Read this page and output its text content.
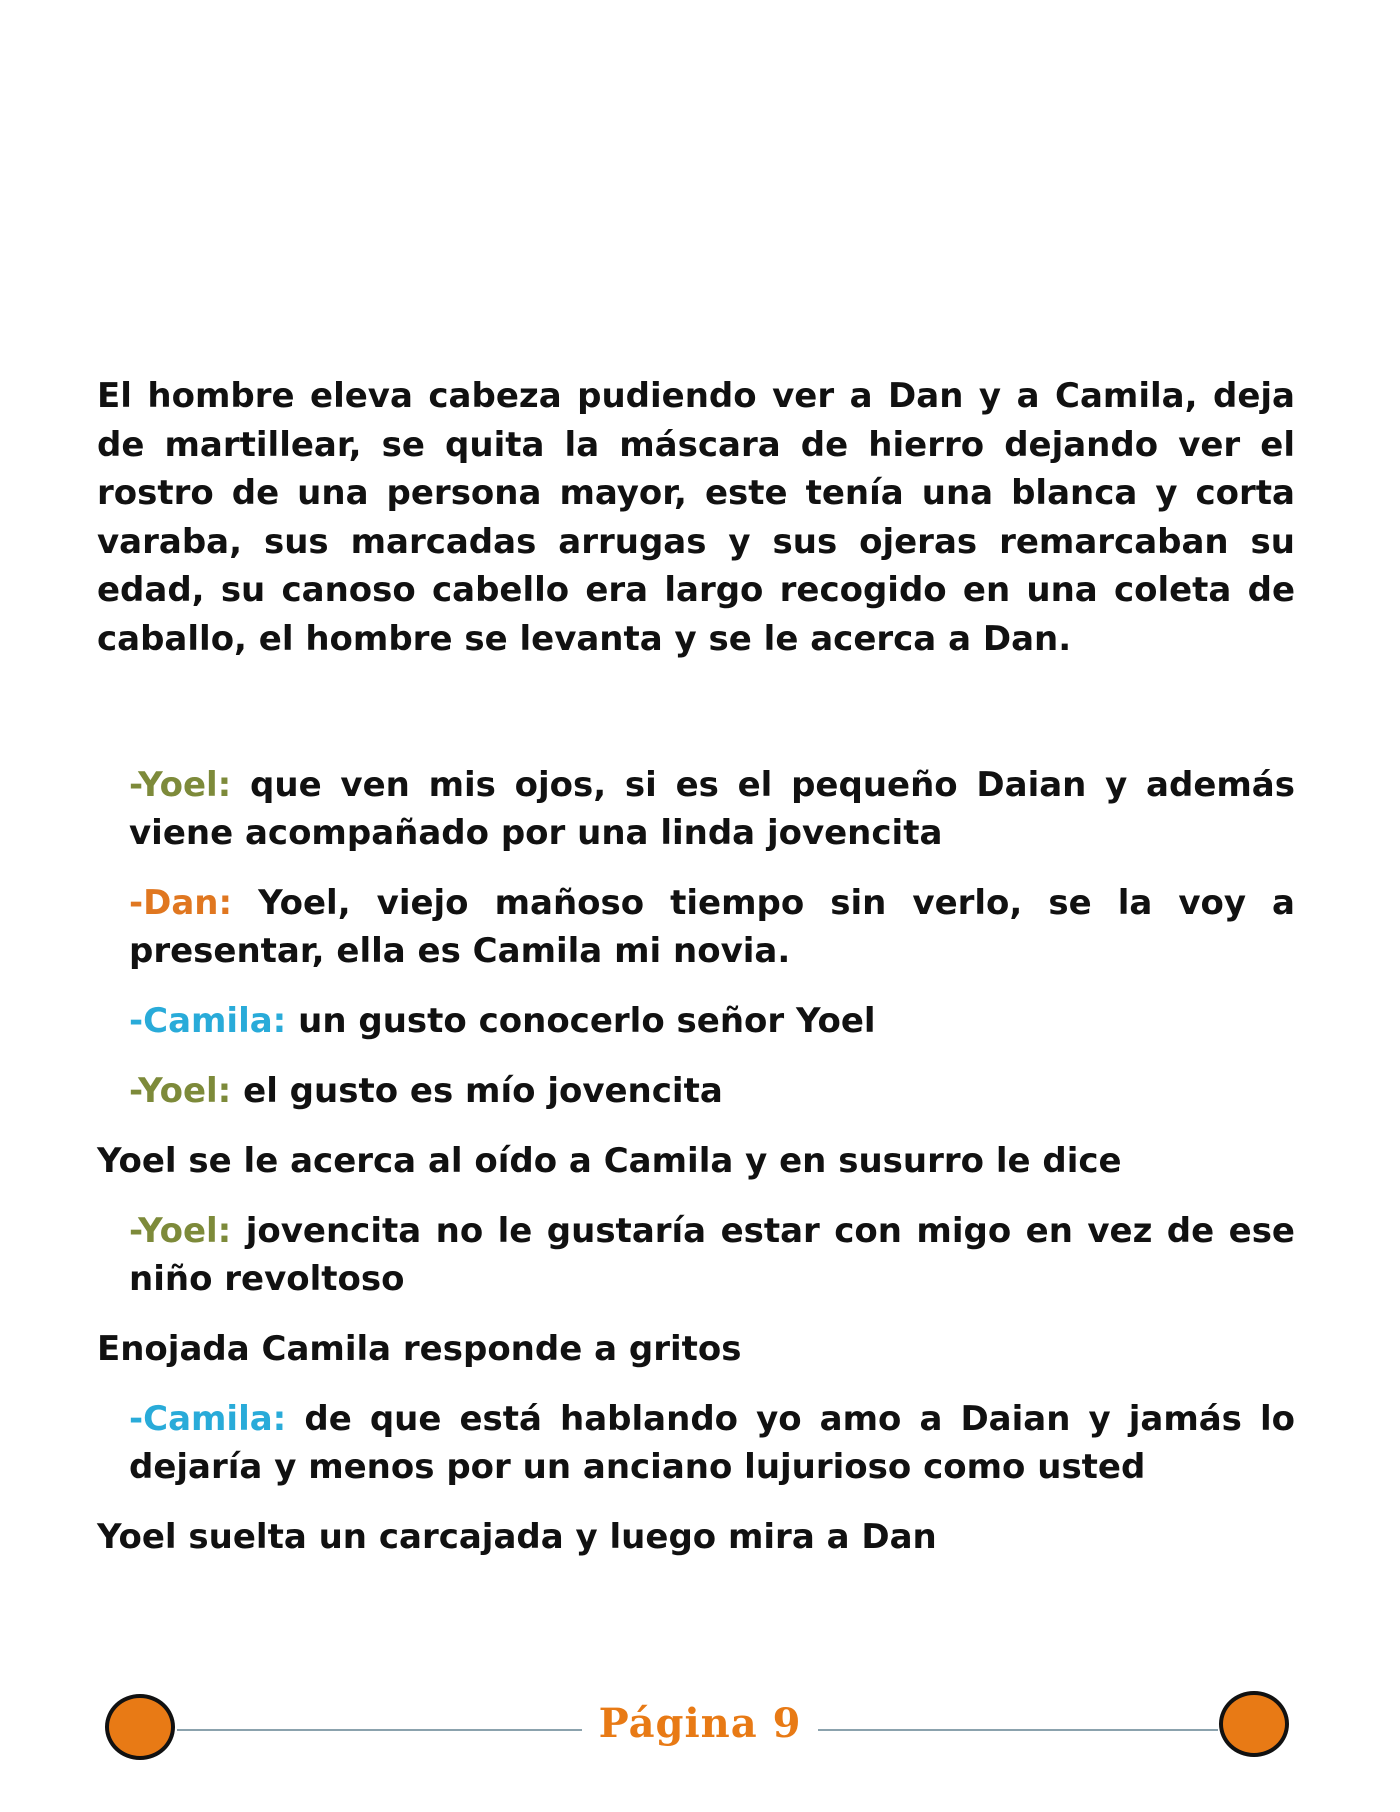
El hombre eleva cabeza pudiendo ver a Dan y a Camila, deja de martillear, se quita la máscara de hierro dejando ver el rostro de una persona mayor, este tenía una blanca y corta varaba, sus marcadas arrugas y sus ojeras remarcaban su edad, su canoso cabello era largo recogido en una coleta de caballo, el hombre se levanta y se le acerca a Dan.

-Yoel: que ven mis ojos, si es el pequeño Daian y además viene acompañado por una linda jovencita

-Dan: Yoel, viejo mañoso tiempo sin verlo, se la voy a presentar, ella es Camila mi novia.

-Camila: un gusto conocerlo señor Yoel

-Yoel: el gusto es mío jovencita

Yoel se le acerca al oído a Camila y en susurro le dice

-Yoel: jovencita no le gustaría estar con migo en vez de ese niño revoltoso

Enojada Camila responde a gritos

-Camila: de que está hablando yo amo a Daian y jamás lo dejaría y menos por un anciano lujurioso como usted

Yoel suelta un carcajada y luego mira a Dan

Página 9
